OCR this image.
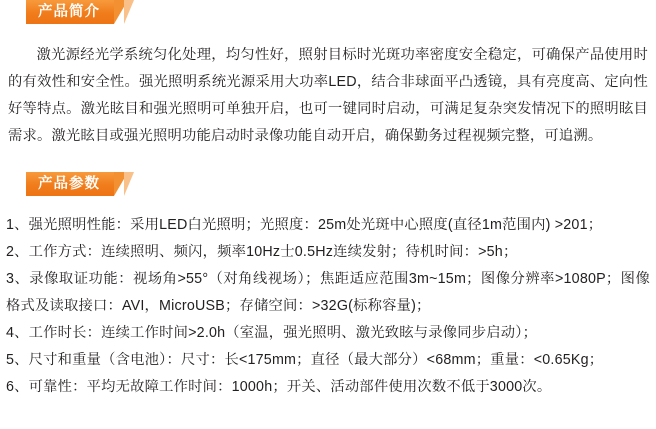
产品简介

激光源经光学系统匀化处理，均匀性好，照射目标时光斑功率密度安全稳定，可确保产品使用时的有效性和安全性。强光照明系统光源采用大功率LED，结合非球面平凸透镜，具有亮度高、定向性好等特点。激光眩目和强光照明可单独开启，也可一键同时启动，可满足复杂突发情况下的照明眩目需求。激光眩目或强光照明功能启动时录像功能自动开启，确保勤务过程视频完整，可追溯。

产品参数
1、强光照明性能：采用LED白光照明；光照度：25m处光斑中心照度(直径1m范围内) >201；
2、工作方式：连续照明、频闪，频率10Hz士0.5Hz连续发射；待机时间：>5h；
3、录像取证功能：视场角>55°（对角线视场）；焦距适应范围3m~15m；图像分辨率>1080P；图像格式及读取接口：AVI，MicroUSB；存储空间：>32G(标称容量)；
4、工作时长：连续工作时间>2.0h（室温，强光照明、激光致眩与录像同步启动）；
5、尺寸和重量（含电池）：尺寸：长<175mm；直径（最大部分）<68mm；重量：<0.65Kg；
6、可靠性：平均无故障工作时间：1000h；开关、活动部件使用次数不低于3000次。
